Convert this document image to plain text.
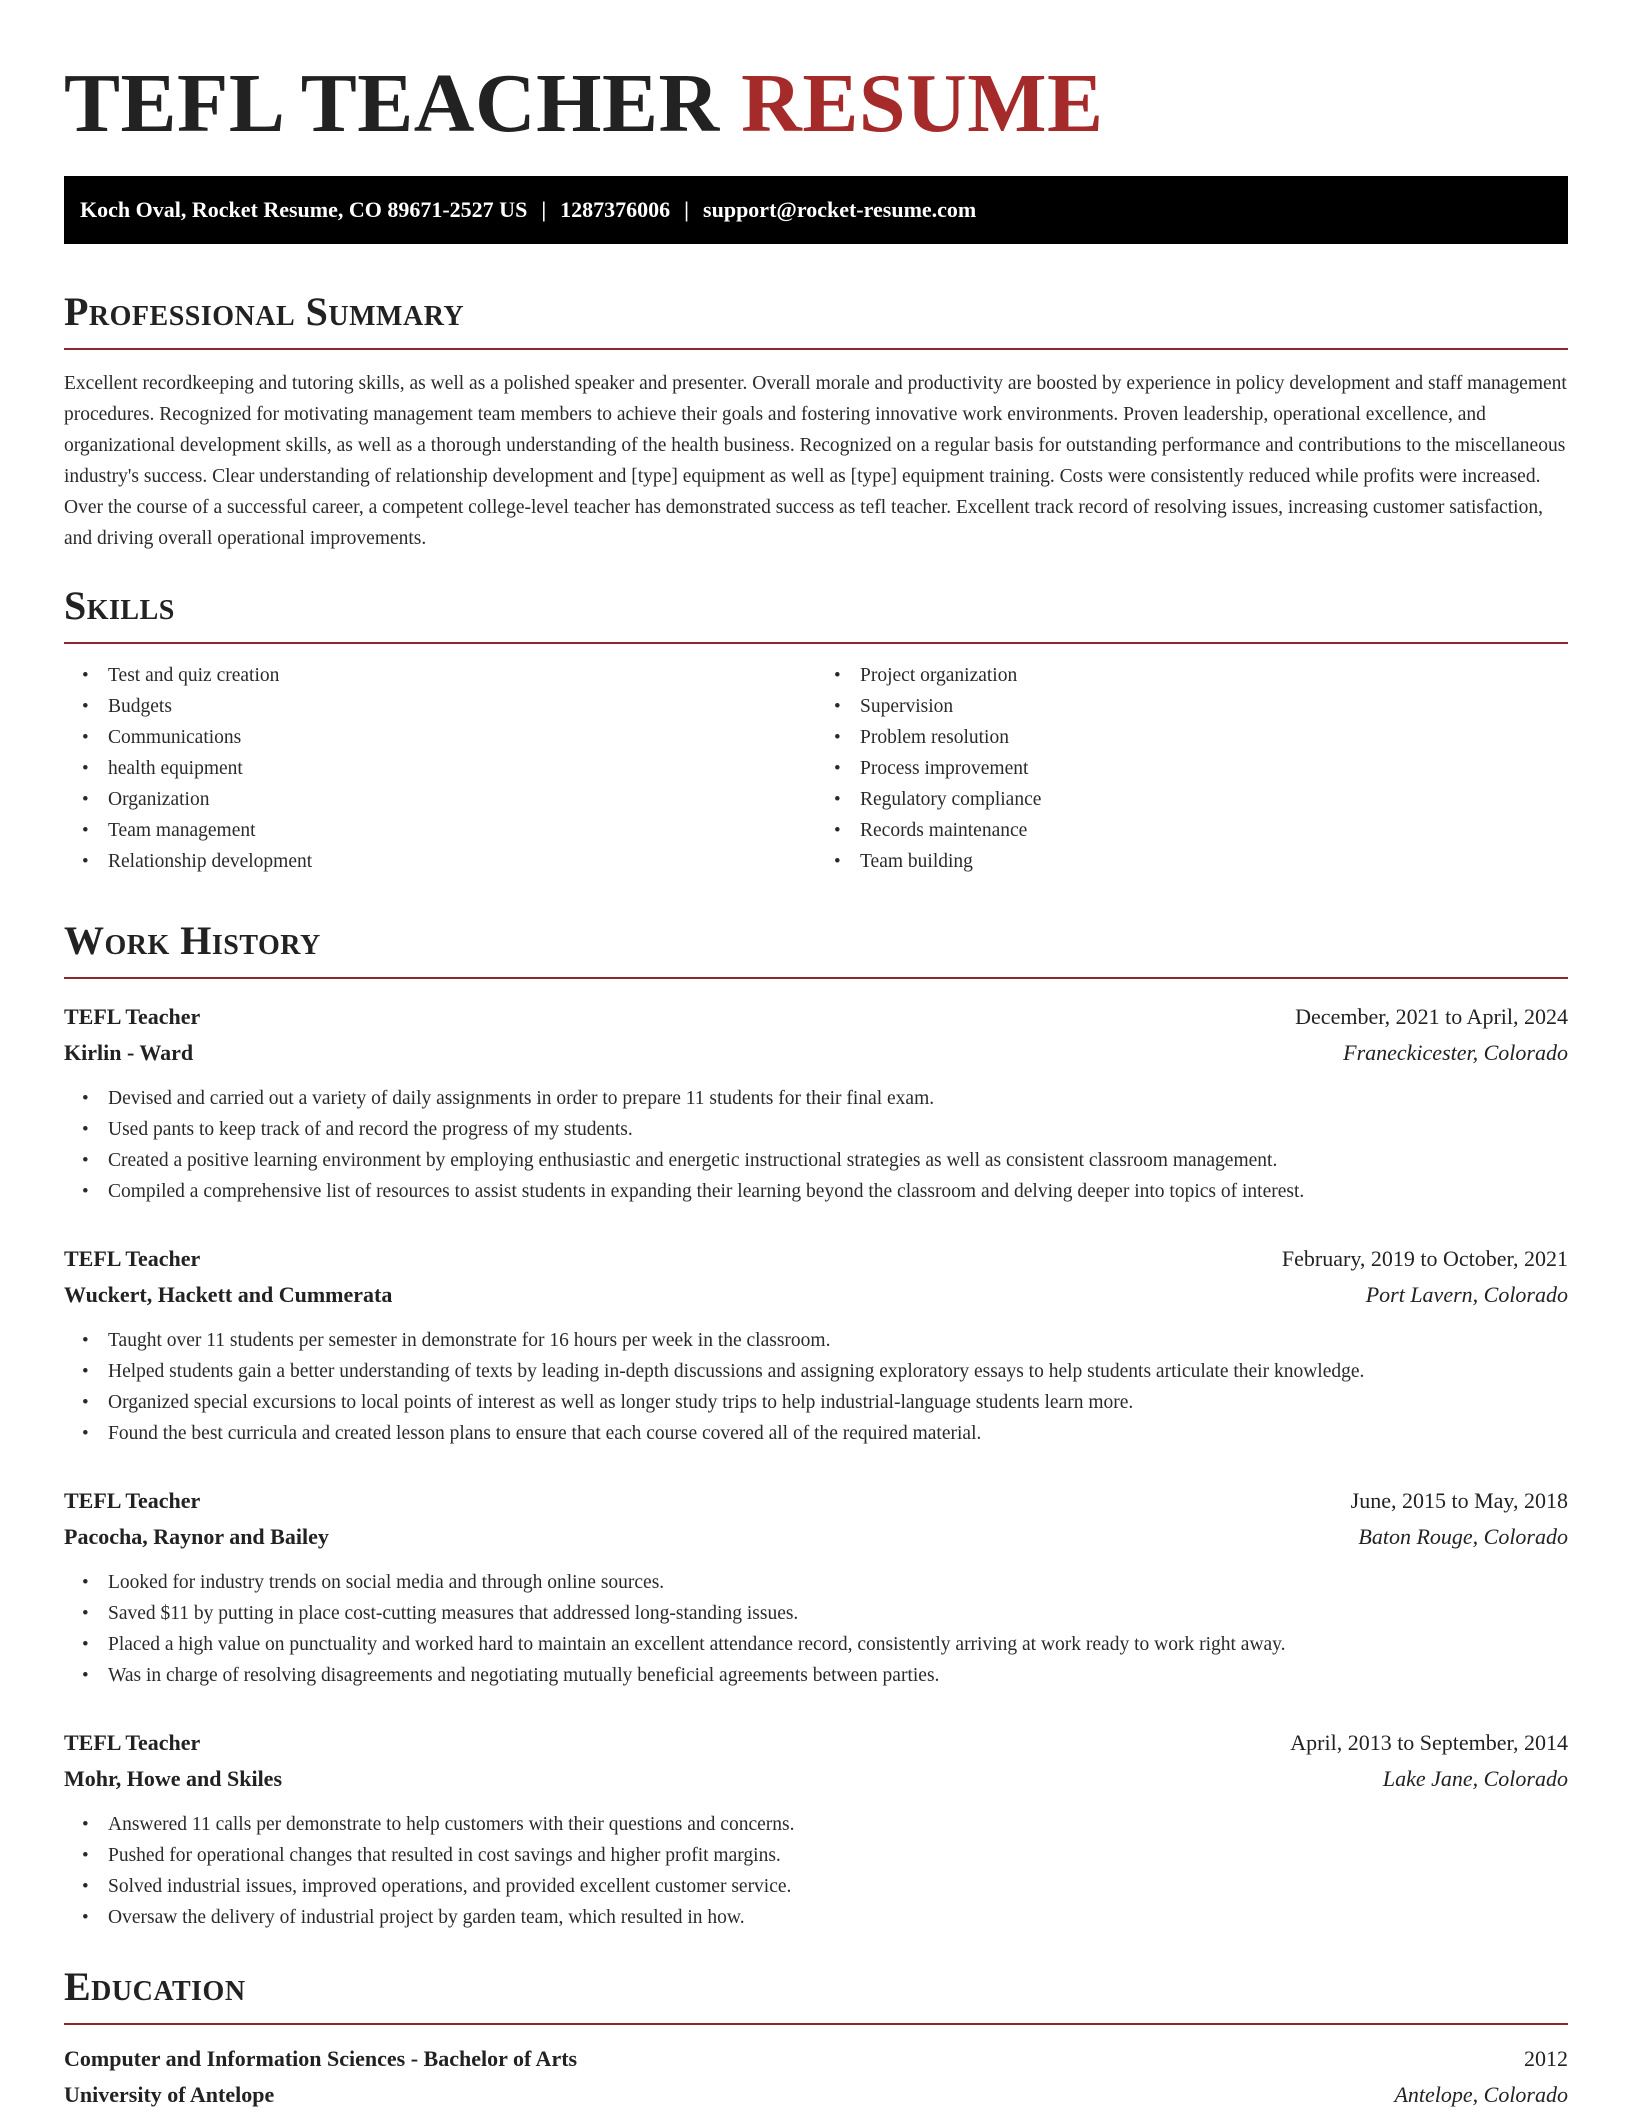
TEFL TEACHER RESUME
Koch Oval, Rocket Resume, CO 89671-2527 US | 1287376006 | support@rocket-resume.com
Professional Summary

Excellent recordkeeping and tutoring skills, as well as a polished speaker and presenter. Overall morale and productivity are boosted by experience in policy development and staff management procedures. Recognized for motivating management team members to achieve their goals and fostering innovative work environments. Proven leadership, operational excellence, and organizational development skills, as well as a thorough understanding of the health business. Recognized on a regular basis for outstanding performance and contributions to the miscellaneous industry's success. Clear understanding of relationship development and [type] equipment as well as [type] equipment training. Costs were consistently reduced while profits were increased. Over the course of a successful career, a competent college-level teacher has demonstrated success as tefl teacher. Excellent track record of resolving issues, increasing customer satisfaction, and driving overall operational improvements.

Skills
• Test and quiz creation
• Budgets
• Communications
• health equipment
• Organization
• Team management
• Relationship development
• Project organization
• Supervision
• Problem resolution
• Process improvement
• Regulatory compliance
• Records maintenance
• Team building
Work History
TEFL Teacher	December, 2021 to April, 2024
Kirlin - Ward	Franeckicester, Colorado
• Devised and carried out a variety of daily assignments in order to prepare 11 students for their final exam.
• Used pants to keep track of and record the progress of my students.
• Created a positive learning environment by employing enthusiastic and energetic instructional strategies as well as consistent classroom management.
• Compiled a comprehensive list of resources to assist students in expanding their learning beyond the classroom and delving deeper into topics of interest.
TEFL Teacher	February, 2019 to October, 2021
Wuckert, Hackett and Cummerata	Port Lavern, Colorado
• Taught over 11 students per semester in demonstrate for 16 hours per week in the classroom.
• Helped students gain a better understanding of texts by leading in-depth discussions and assigning exploratory essays to help students articulate their knowledge.
• Organized special excursions to local points of interest as well as longer study trips to help industrial-language students learn more.
• Found the best curricula and created lesson plans to ensure that each course covered all of the required material.
TEFL Teacher	June, 2015 to May, 2018
Pacocha, Raynor and Bailey	Baton Rouge, Colorado
• Looked for industry trends on social media and through online sources.
• Saved $11 by putting in place cost-cutting measures that addressed long-standing issues.
• Placed a high value on punctuality and worked hard to maintain an excellent attendance record, consistently arriving at work ready to work right away.
• Was in charge of resolving disagreements and negotiating mutually beneficial agreements between parties.
TEFL Teacher	April, 2013 to September, 2014
Mohr, Howe and Skiles	Lake Jane, Colorado
• Answered 11 calls per demonstrate to help customers with their questions and concerns.
• Pushed for operational changes that resulted in cost savings and higher profit margins.
• Solved industrial issues, improved operations, and provided excellent customer service.
• Oversaw the delivery of industrial project by garden team, which resulted in how.
Education
Computer and Information Sciences - Bachelor of Arts	2012
University of Antelope	Antelope, Colorado
